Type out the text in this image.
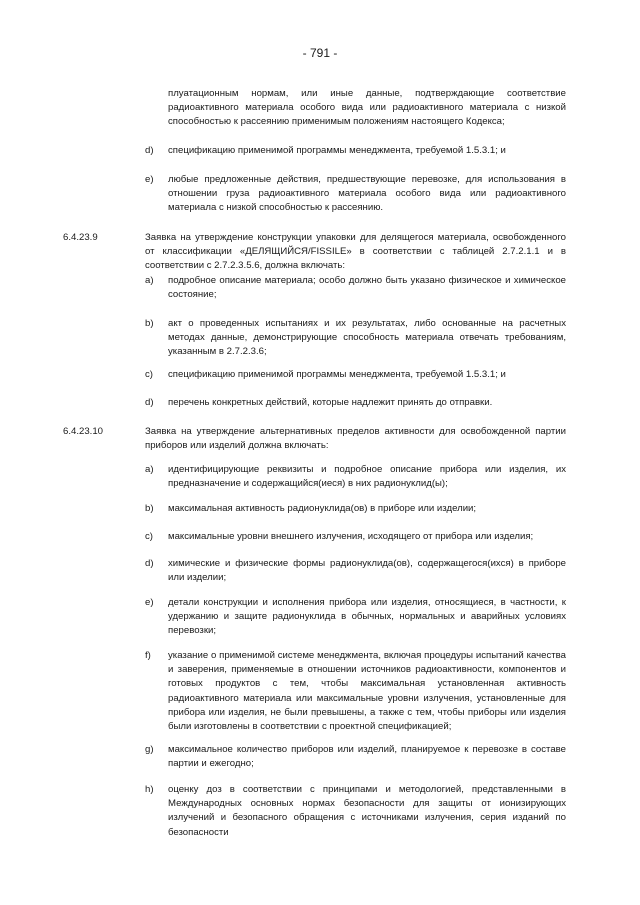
- 791 -

плуатационным нормам, или иные данные, подтверждающие соответствие радиоактивного материала особого вида или радиоактивного материала с низкой способностью к рассеянию применимым положениям настоящего Кодекса;

d) спецификацию применимой программы менеджмента, требуемой 1.5.3.1; и

e) любые предложенные действия, предшествующие перевозке, для использования в отношении груза радиоактивного материала особого вида или радиоактивного материала с низкой способностью к рассеянию.

6.4.23.9	Заявка на утверждение конструкции упаковки для делящегося материала, освобожденного от классификации «ДЕЛЯЩИЙСЯ/FISSILE» в соответствии с таблицей 2.7.2.1.1 и в соответствии с 2.7.2.3.5.6, должна включать:

a) подробное описание материала; особо должно быть указано физическое и химическое состояние;

b) акт о проведенных испытаниях и их результатах, либо основанные на расчетных методах данные, демонстрирующие способность материала отвечать требованиям, указанным в 2.7.2.3.6;

c) спецификацию применимой программы менеджмента, требуемой 1.5.3.1; и

d) перечень конкретных действий, которые надлежит принять до отправки.

6.4.23.10	Заявка на утверждение альтернативных пределов активности для освобожденной партии приборов или изделий должна включать:

a) идентифицирующие реквизиты и подробное описание прибора или изделия, их предназначение и содержащийся(иеся) в них радионуклид(ы);

b) максимальная активность радионуклида(ов) в приборе или изделии;

c) максимальные уровни внешнего излучения, исходящего от прибора или изделия;

d) химические и физические формы радионуклида(ов), содержащегося(ихся) в приборе или изделии;

e) детали конструкции и исполнения прибора или изделия, относящиеся, в частности, к удержанию и защите радионуклида в обычных, нормальных и аварийных условиях перевозки;

f) указание о применимой системе менеджмента, включая процедуры испытаний качества и заверения, применяемые в отношении источников радиоактивности, компонентов и готовых продуктов с тем, чтобы максимальная установленная активность радиоактивного материала или максимальные уровни излучения, установленные для прибора или изделия, не были превышены, а также с тем, чтобы приборы или изделия были изготовлены в соответствии с проектной спецификацией;

g) максимальное количество приборов или изделий, планируемое к перевозке в составе партии и ежегодно;

h) оценку доз в соответствии с принципами и методологией, представленными в Международных основных нормах безопасности для защиты от ионизирующих излучений и безопасного обращения с источниками излучения, серия изданий по безопасности
